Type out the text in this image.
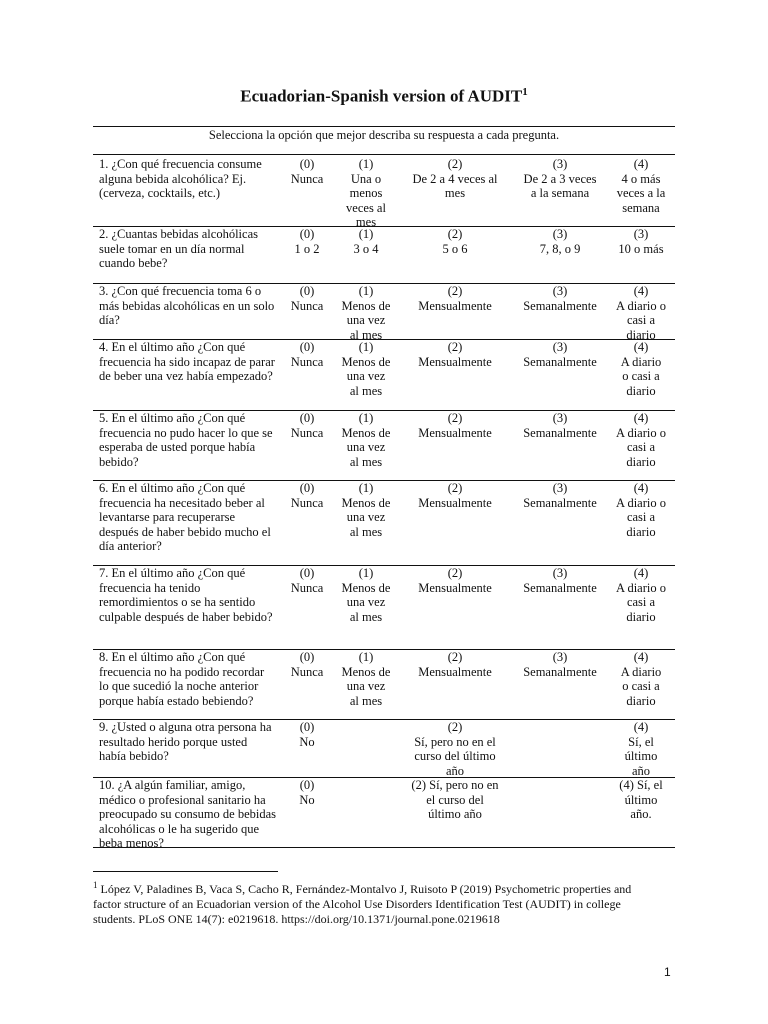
Ecuadorian-Spanish version of AUDIT$^1$
Selecciona la opción que mejor describa su respuesta a cada pregunta.
1. ¿Con qué frecuencia consume alguna bebida alcohólica? Ej. (cerveza, cocktails, etc.)
(0)
Nunca
(1)
Una o
menos
veces al
mes
(2)
De 2 a 4 veces al
mes
(3)
De 2 a 3 veces
a la semana
(4)
4 o más
veces a la
semana
2. ¿Cuantas bebidas alcohólicas suele tomar en un día normal cuando bebe?
(0)
1 o 2
(1)
3 o 4
(2)
5 o 6
(3)
7, 8, o 9
(3)
10 o más
3. ¿Con qué frecuencia toma 6 o más bebidas alcohólicas en un solo día?
(0)
Nunca
(1)
Menos de
una vez
al mes
(2)
Mensualmente
(3)
Semanalmente
(4)
A diario o
casi a
diario
4. En el último año ¿Con qué frecuencia ha sido incapaz de parar de beber una vez había empezado?
(0)
Nunca
(1)
Menos de
una vez
al mes
(2)
Mensualmente
(3)
Semanalmente
(4)
A diario
o casi a
diario
5. En el último año ¿Con qué frecuencia no pudo hacer lo que se esperaba de usted porque había bebido?
(0)
Nunca
(1)
Menos de
una vez
al mes
(2)
Mensualmente
(3)
Semanalmente
(4)
A diario o
casi a
diario
6. En el último año ¿Con qué frecuencia ha necesitado beber al levantarse para recuperarse después de haber bebido mucho el día anterior?
(0)
Nunca
(1)
Menos de
una vez
al mes
(2)
Mensualmente
(3)
Semanalmente
(4)
A diario o
casi a
diario
7. En el último año ¿Con qué frecuencia ha tenido remordimientos o se ha sentido culpable después de haber bebido?
(0)
Nunca
(1)
Menos de
una vez
al mes
(2)
Mensualmente
(3)
Semanalmente
(4)
A diario o
casi a
diario
8. En el último año ¿Con qué frecuencia no ha podido recordar lo que sucedió la noche anterior porque había estado bebiendo?
(0)
Nunca
(1)
Menos de
una vez
al mes
(2)
Mensualmente
(3)
Semanalmente
(4)
A diario
o casi a
diario
9. ¿Usted o alguna otra persona ha resultado herido porque usted había bebido?
(0)
No
(2)
Sí, pero no en el
curso del último
año
(4)
Sí, el
último
año
10. ¿A algún familiar, amigo, médico o profesional sanitario ha preocupado su consumo de bebidas alcohólicas o le ha sugerido que beba menos?
(0)
No
(2) Sí, pero no en
el curso del
último año
(4) Sí, el
último
año.
$^1$ López V, Paladines B, Vaca S, Cacho R, Fernández-Montalvo J, Ruisoto P (2019) Psychometric properties and factor structure of an Ecuadorian version of the Alcohol Use Disorders Identification Test (AUDIT) in college students. PLoS ONE 14(7): e0219618. https://doi.org/10.1371/journal.pone.0219618
1
